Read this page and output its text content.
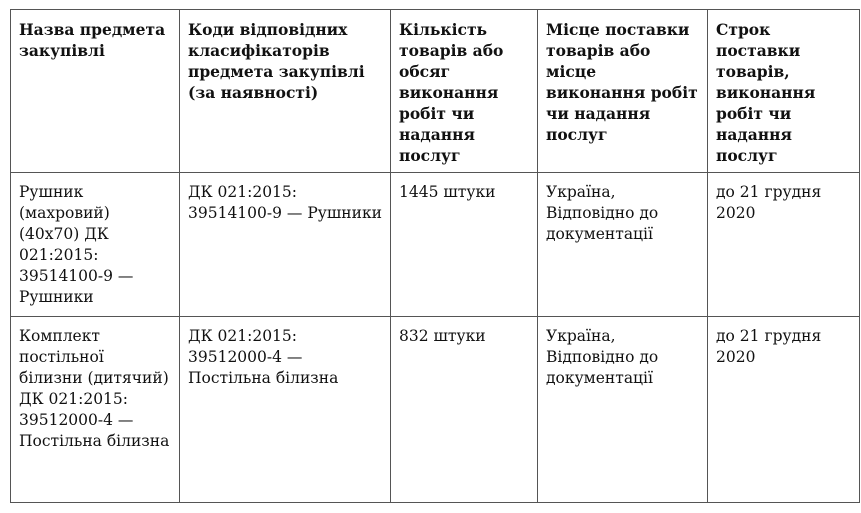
Назва предмета закупівлі	Коди відповідних класифікаторів предмета закупівлі (за наявності)	Кількість товарів або обсяг виконання робіт чи надання послуг	Місце поставки товарів або місце виконання робіт чи надання послуг	Строк поставки товарів, виконання робіт чи надання послуг
Рушник (махровий) (40х70) ДК 021:2015: 39514100-9 — Рушники	ДК 021:2015: 39514100-9 — Рушники	1445 штуки	Україна, Відповідно до документації	до 21 грудня 2020
Комплект постільної білизни (дитячий) ДК 021:2015: 39512000-4 — Постільна білизна	ДК 021:2015: 39512000-4 — Постільна білизна	832 штуки	Україна, Відповідно до документації	до 21 грудня 2020
